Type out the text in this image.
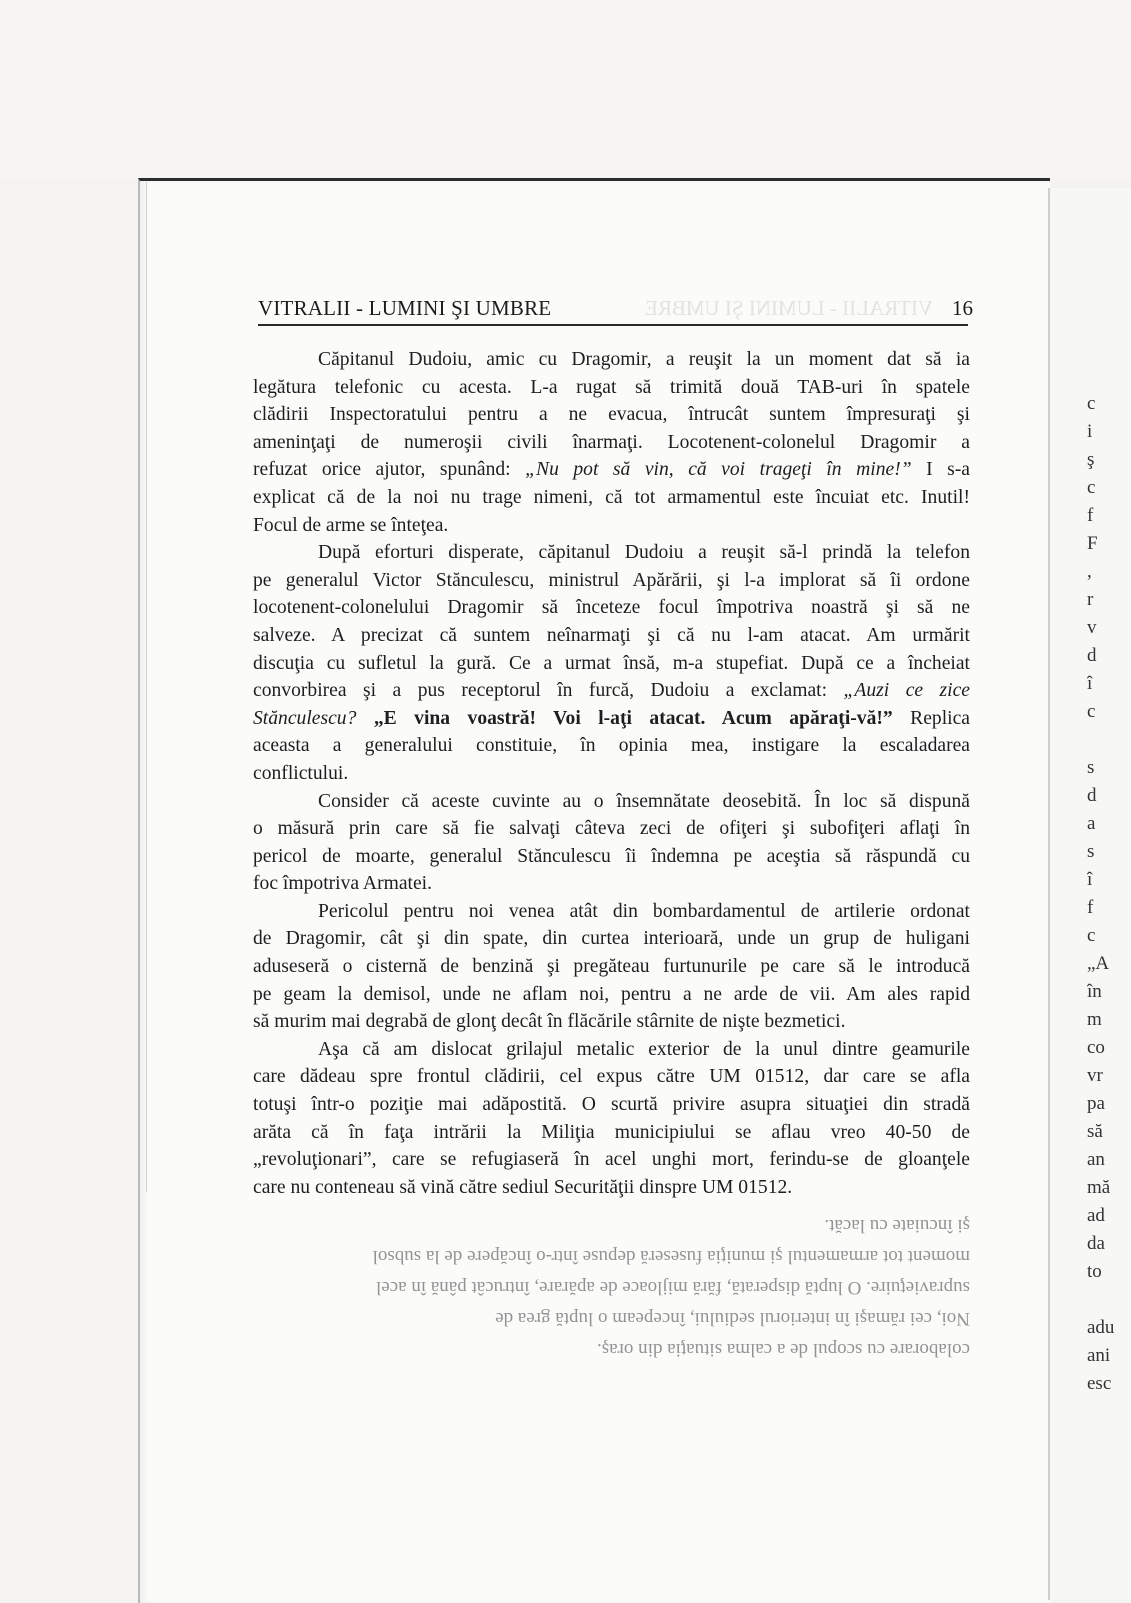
c
i
ş
c
f
F
,
r
v
d
î
c
s
d
a
s
î
f
c
„A
în
m
co
vr
pa
să
an
mă
ad
da
to
adu
ani
esc
VITRALII - LUMINI ŞI UMBRE
colaborare cu scopul de a calma situaţia din oraş.
Noi, cei rămaşi în interiorul sediului, începeam o luptă grea de
supravieţuire. O luptă disperată, fără mijloace de apărare, întrucât până în acel
moment tot armamentul şi muniţia fuseseră depuse într-o încăpere de la subsol
şi încuiate cu lacăt.
VITRALII - LUMINI ŞI UMBRE	16
Căpitanul Dudoiu, amic cu Dragomir, a reuşit la un moment dat să ia
legătura telefonic cu acesta. L-a rugat să trimită două TAB-uri în spatele
clădirii Inspectoratului pentru a ne evacua, întrucât suntem împresuraţi şi
ameninţaţi de numeroşii civili înarmaţi. Locotenent-colonelul Dragomir a
refuzat orice ajutor, spunând: „Nu pot să vin, că voi trageţi în mine!” I s-a
explicat că de la noi nu trage nimeni, că tot armamentul este încuiat etc. Inutil!
Focul de arme se înteţea.
După eforturi disperate, căpitanul Dudoiu a reuşit să-l prindă la telefon
pe generalul Victor Stănculescu, ministrul Apărării, şi l-a implorat să îi ordone
locotenent-colonelului Dragomir să înceteze focul împotriva noastră şi să ne
salveze. A precizat că suntem neînarmaţi şi că nu l-am atacat. Am urmărit
discuţia cu sufletul la gură. Ce a urmat însă, m-a stupefiat. După ce a încheiat
convorbirea şi a pus receptorul în furcă, Dudoiu a exclamat: „Auzi ce zice
Stănculescu? „E vina voastră! Voi l-aţi atacat. Acum apăraţi-vă!” Replica
aceasta a generalului constituie, în opinia mea, instigare la escaladarea
conflictului.
Consider că aceste cuvinte au o însemnătate deosebită. În loc să dispună
o măsură prin care să fie salvaţi câteva zeci de ofiţeri şi subofiţeri aflaţi în
pericol de moarte, generalul Stănculescu îi îndemna pe aceştia să răspundă cu
foc împotriva Armatei.
Pericolul pentru noi venea atât din bombardamentul de artilerie ordonat
de Dragomir, cât şi din spate, din curtea interioară, unde un grup de huligani
aduseseră o cisternă de benzină şi pregăteau furtunurile pe care să le introducă
pe geam la demisol, unde ne aflam noi, pentru a ne arde de vii. Am ales rapid
să murim mai degrabă de glonţ decât în flăcările stârnite de nişte bezmetici.
Aşa că am dislocat grilajul metalic exterior de la unul dintre geamurile
care dădeau spre frontul clădirii, cel expus către UM 01512, dar care se afla
totuşi într-o poziţie mai adăpostită. O scurtă privire asupra situaţiei din stradă
arăta că în faţa intrării la Miliţia municipiului se aflau vreo 40-50 de
„revoluţionari”, care se refugiaseră în acel unghi mort, ferindu-se de gloanţele
care nu conteneau să vină către sediul Securităţii dinspre UM 01512.
